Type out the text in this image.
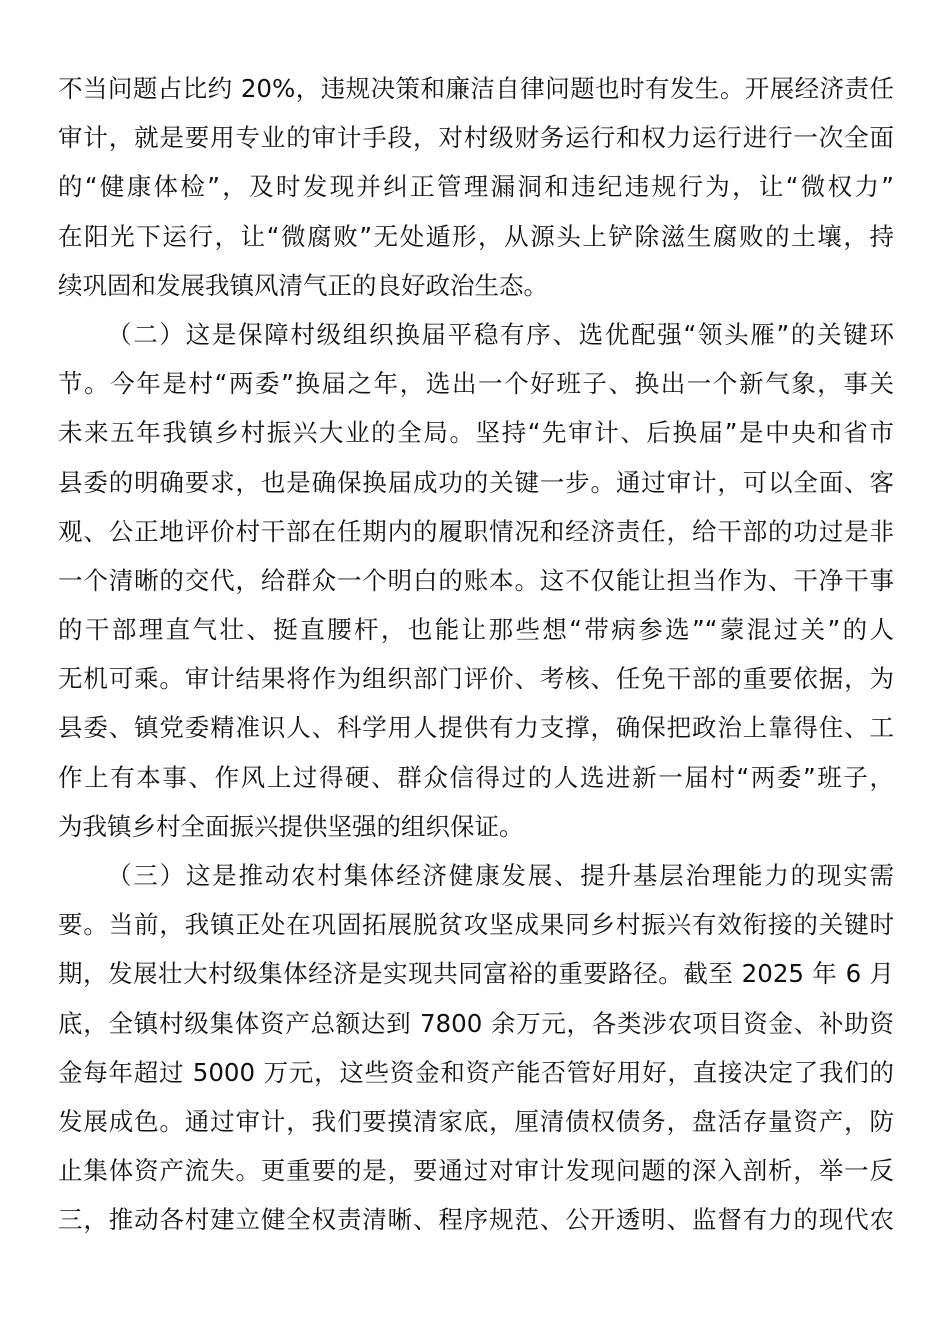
不当问题占比约 20%，违规决策和廉洁自律问题也时有发生。开展经济责任
审计，就是要用专业的审计手段，对村级财务运行和权力运行进行一次全面
的“健康体检”，及时发现并纠正管理漏洞和违纪违规行为，让“微权力”
在阳光下运行，让“微腐败”无处遁形，从源头上铲除滋生腐败的土壤，持
续巩固和发展我镇风清气正的良好政治生态。
（二）这是保障村级组织换届平稳有序、选优配强“领头雁”的关键环
节。今年是村“两委”换届之年，选出一个好班子、换出一个新气象，事关
未来五年我镇乡村振兴大业的全局。坚持“先审计、后换届”是中央和省市
县委的明确要求，也是确保换届成功的关键一步。通过审计，可以全面、客
观、公正地评价村干部在任期内的履职情况和经济责任，给干部的功过是非
一个清晰的交代，给群众一个明白的账本。这不仅能让担当作为、干净干事
的干部理直气壮、挺直腰杆，也能让那些想“带病参选”“蒙混过关”的人
无机可乘。审计结果将作为组织部门评价、考核、任免干部的重要依据，为
县委、镇党委精准识人、科学用人提供有力支撑，确保把政治上靠得住、工
作上有本事、作风上过得硬、群众信得过的人选进新一届村“两委”班子，
为我镇乡村全面振兴提供坚强的组织保证。
（三）这是推动农村集体经济健康发展、提升基层治理能力的现实需
要。当前，我镇正处在巩固拓展脱贫攻坚成果同乡村振兴有效衔接的关键时
期，发展壮大村级集体经济是实现共同富裕的重要路径。截至 2025 年 6 月
底，全镇村级集体资产总额达到 7800 余万元，各类涉农项目资金、补助资
金每年超过 5000 万元，这些资金和资产能否管好用好，直接决定了我们的
发展成色。通过审计，我们要摸清家底，厘清债权债务，盘活存量资产，防
止集体资产流失。更重要的是，要通过对审计发现问题的深入剖析，举一反
三，推动各村建立健全权责清晰、程序规范、公开透明、监督有力的现代农
